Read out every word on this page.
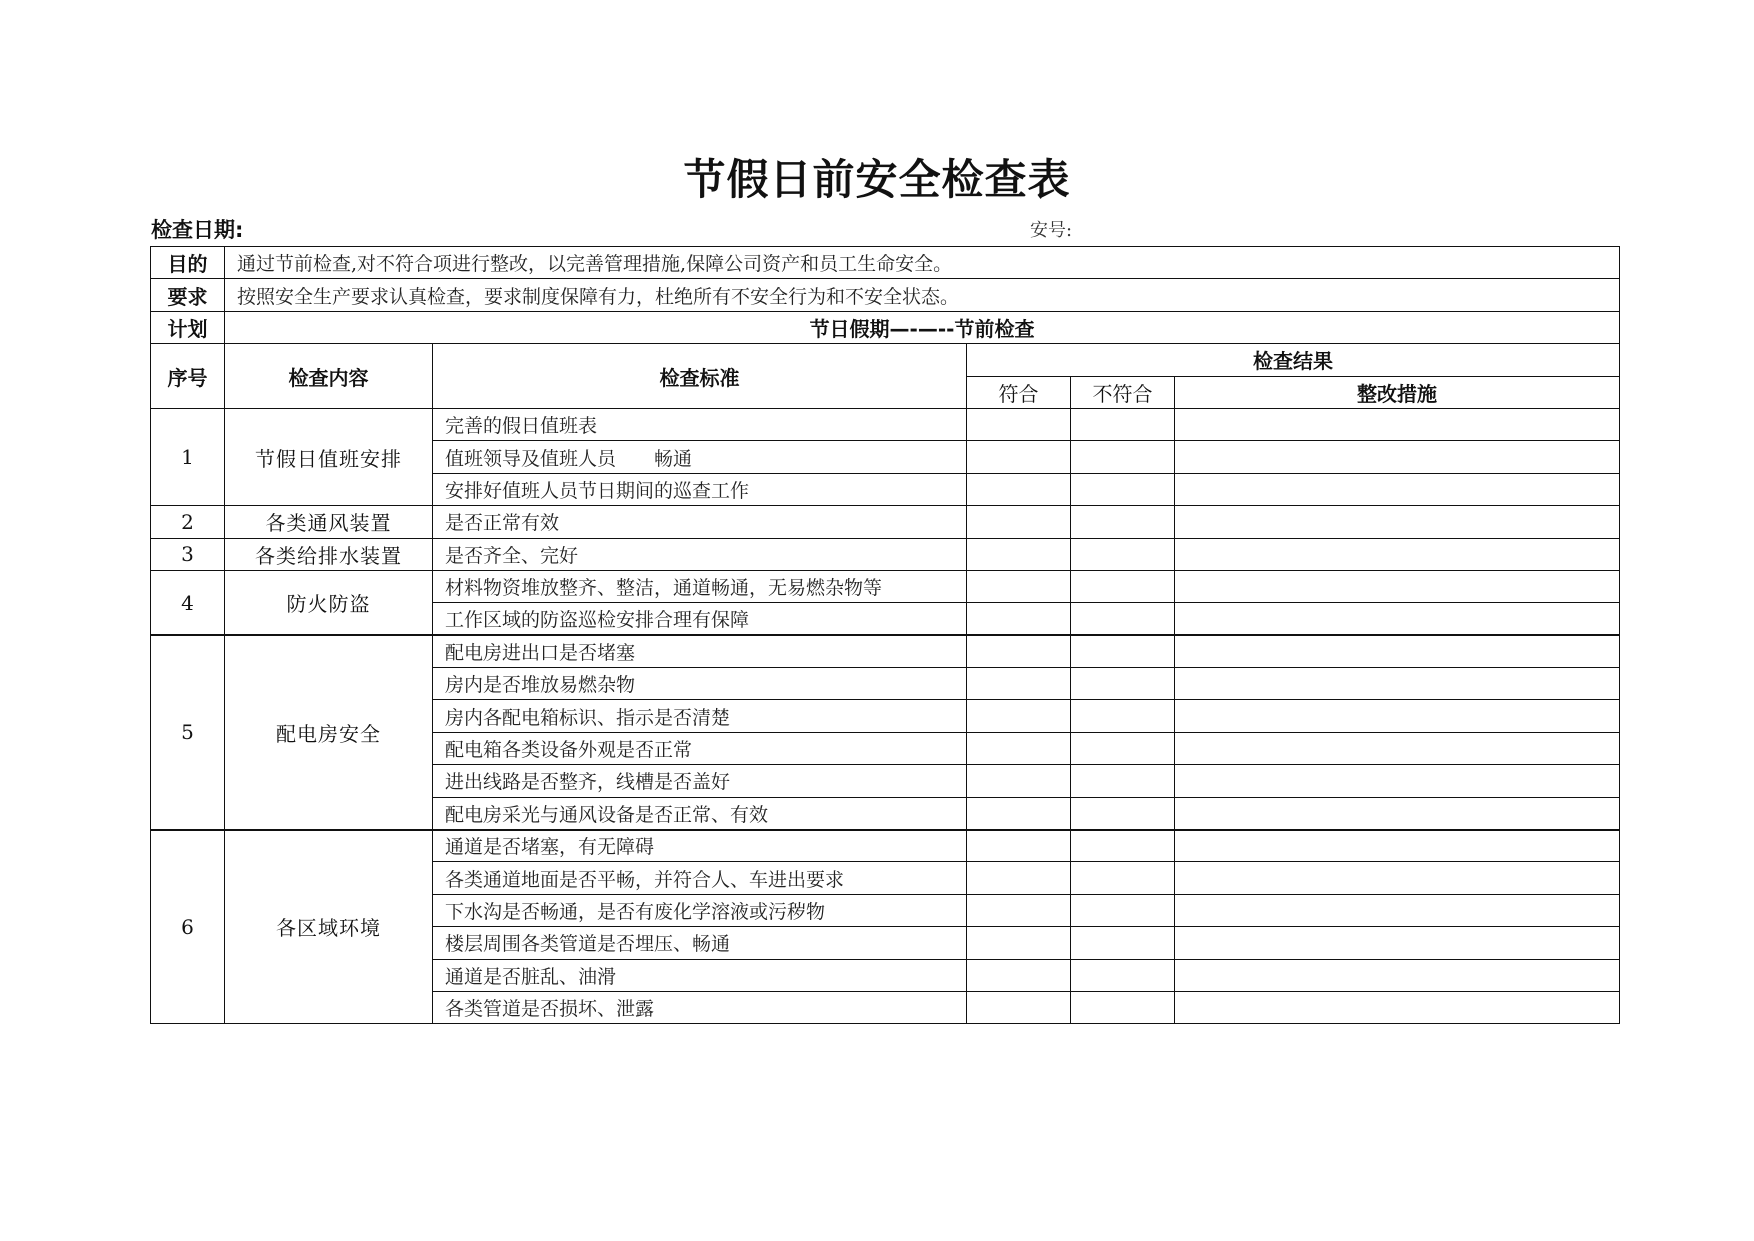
节假日前安全检查表
检查日期:	安号:
目的	通过节前检查,对不符合项进行整改，以完善管理措施,保障公司资产和员工生命安全。				
要求	按照安全生产要求认真检查，要求制度保障有力，杜绝所有不安全行为和不安全状态。				
计划	节日假期—-—--节前检查				
序号	检查内容	检查标准	检查结果		
			符合	不符合	整改措施
1	节假日值班安排	完善的假日值班表			
		值班领导及值班人员　　畅通			
		安排好值班人员节日期间的巡查工作			
2	各类通风装置	是否正常有效			
3	各类给排水装置	是否齐全、完好			
4	防火防盗	材料物资堆放整齐、整洁，通道畅通，无易燃杂物等			
		工作区域的防盗巡检安排合理有保障			
5	配电房安全	配电房进出口是否堵塞			
		房内是否堆放易燃杂物			
		房内各配电箱标识、指示是否清楚			
		配电箱各类设备外观是否正常			
		进出线路是否整齐，线槽是否盖好			
		配电房采光与通风设备是否正常、有效			
6	各区域环境	通道是否堵塞，有无障碍			
		各类通道地面是否平畅，并符合人、车进出要求			
		下水沟是否畅通，是否有废化学溶液或污秽物			
		楼层周围各类管道是否埋压、畅通			
		通道是否脏乱、油滑			
		各类管道是否损坏、泄露			
